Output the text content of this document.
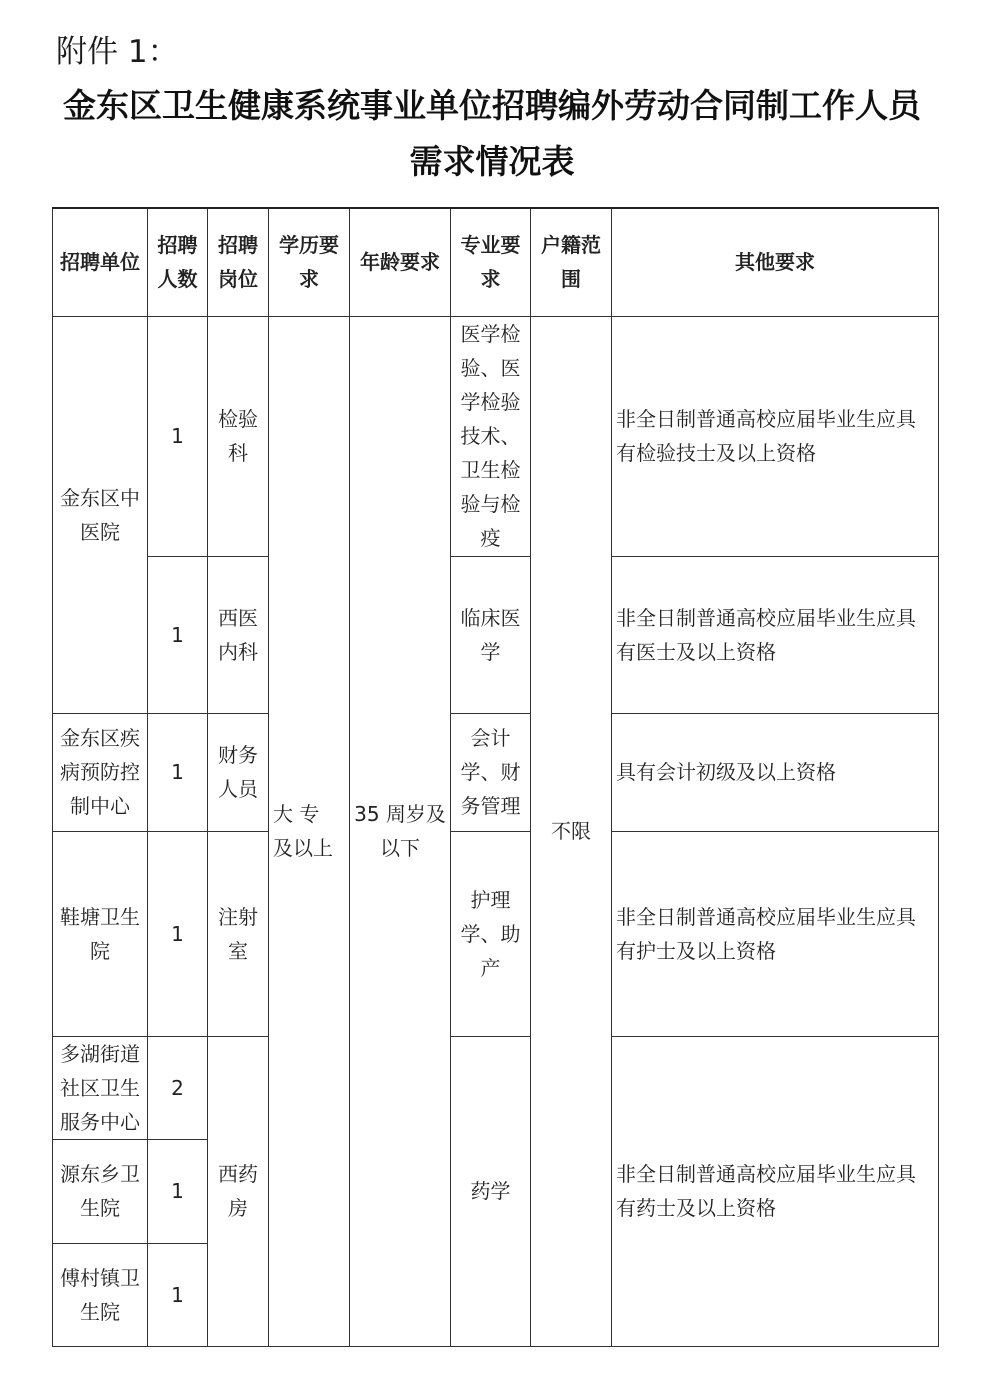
附件 1：
金东区卫生健康系统事业单位招聘编外劳动合同制工作人员
需求情况表
招聘单位	招聘人数	招聘岗位	学历要求	年龄要求	专业要求	户籍范围	其他要求
金东区中医院	1	检验科	大 专 及以上	35 周岁及以下	医学检验、医学检验技术、卫生检验与检疫	不限	非全日制普通高校应届毕业生应具有检验技士及以上资格
	1	西医内科			临床医学		非全日制普通高校应届毕业生应具有医士及以上资格
金东区疾病预防控制中心	1	财务人员			会计学、财务管理		具有会计初级及以上资格
鞋塘卫生院	1	注射室			护理学、助产		非全日制普通高校应届毕业生应具有护士及以上资格
多湖街道社区卫生服务中心	2	西药房			药学		非全日制普通高校应届毕业生应具有药士及以上资格
源东乡卫生院	1						
傅村镇卫生院	1						
